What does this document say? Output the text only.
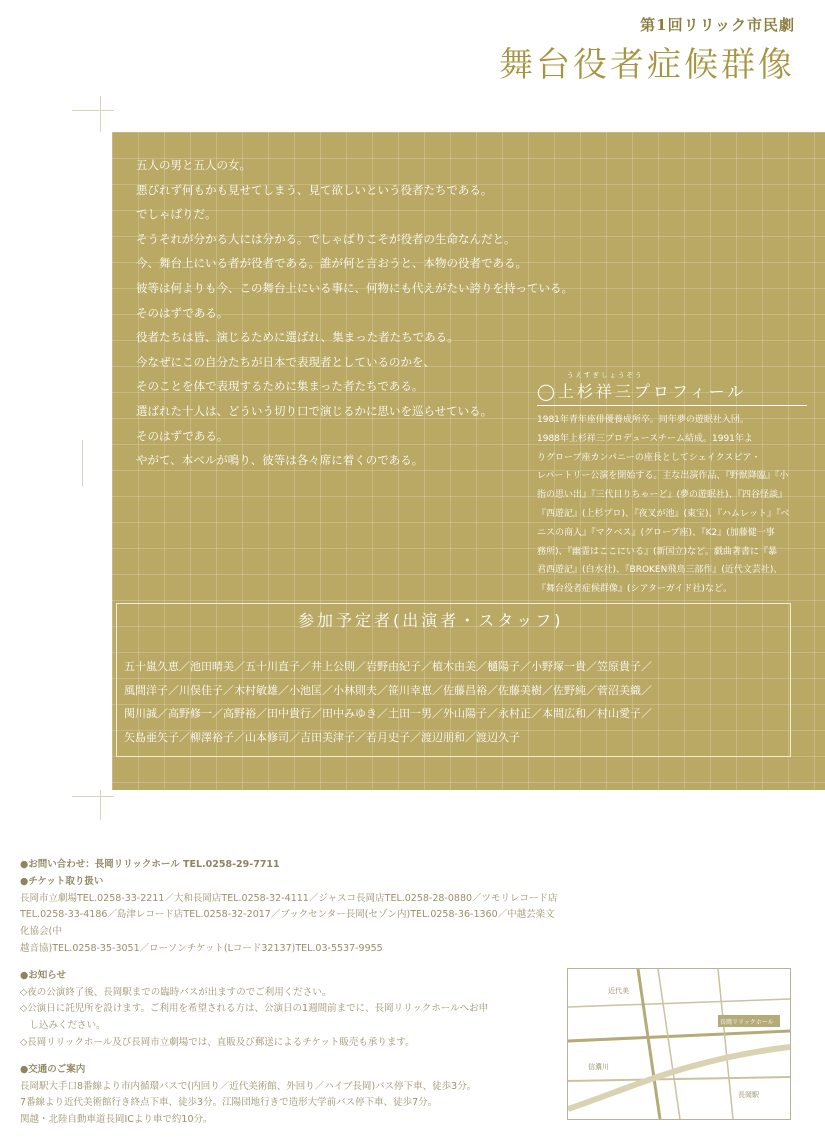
第1回リリック市民劇
舞台役者症候群像
五人の男と五人の女。
悪びれず何もかも見せてしまう、見て欲しいという役者たちである。
でしゃばりだ。
そうそれが分かる人には分かる。でしゃばりこそが役者の生命なんだと。
今、舞台上にいる者が役者である。誰が何と言おうと、本物の役者である。
彼等は何よりも今、この舞台上にいる事に、何物にも代えがたい誇りを持っている。
そのはずである。
役者たちは皆、演じるために選ばれ、集まった者たちである。
今なぜにこの自分たちが日本で表現者としているのかを、
そのことを体で表現するために集まった者たちである。
選ばれた十人は、どういう切り口で演じるかに思いを巡らせている。
そのはずである。
やがて、本ベルが鳴り、彼等は各々席に着くのである。
うえすぎしょうぞう
◯上杉祥三プロフィール
1981年青年座俳優養成所卒。同年夢の遊眠社入団。
1988年上杉祥三プロデュースチーム結成。1991年よ
りグローブ座カンパニーの座長としてシェイクスピア・
レパートリー公演を開始する。主な出演作品、『野獣降臨』『小
指の思い出』『三代目りちゃーど』(夢の遊眠社)、『四谷怪談』
『西遊記』(上杉プロ)、『夜叉が池』(東宝)、『ハムレット』『ベ
ニスの商人』『マクベス』(グローブ座)、『K2』(加藤健一事
務所)、『幽霊はここにいる』(新国立)など。戯曲著書に『暴
君西遊記』(白水社)、『BROKEN飛鳥三部作』(近代文芸社)、
『舞台役者症候群像』(シアターガイド社)など。
参加予定者(出演者・スタッフ)
五十嵐久恵／池田晴美／五十川直子／井上公則／岩野由紀子／植木由美／樋陽子／小野塚一貴／笠原貴子／
風間洋子／川俣佳子／木村敏雄／小池匡／小林則夫／笹川幸恵／佐藤昌裕／佐藤美樹／佐野純／菅沼美織／
関川誠／高野修一／高野裕／田中貴行／田中みゆき／土田一男／外山陽子／永村正／本間広和／村山愛子／
矢島亜矢子／柳澤裕子／山本修司／吉田美津子／若月史子／渡辺朋和／渡辺久子
●お問い合わせ：長岡リリックホール TEL.0258-29-7711
●チケット取り扱い
長岡市立劇場TEL.0258-33-2211／大和長岡店TEL.0258-32-4111／ジャスコ長岡店TEL.0258-28-0880／ツモリレコード店
TEL.0258-33-4186／島津レコード店TEL.0258-32-2017／ブックセンター長岡(セゾン内)TEL.0258-36-1360／中越芸楽文化協会(中
越音協)TEL.0258-35-3051／ローソンチケット(Lコード32137)TEL.03-5537-9955
●お知らせ
◇夜の公演終了後、長岡駅までの臨時バスが出ますのでご利用ください。
◇公演日に託児所を設けます。ご利用を希望される方は、公演日の1週間前までに、長岡リリックホールへお申
　し込みください。
◇長岡リリックホール及び長岡市立劇場では、直販及び郵送によるチケット販売も承ります。
●交通のご案内
長岡駅大手口8番線より市内循環バスで(内回り／近代美術館、外回り／ハイブ長岡)バス停下車、徒歩3分。
7番線より近代美術館行き終点下車、徒歩3分。江陽団地行きで造形大学前バス停下車、徒歩7分。
関越・北陸自動車道長岡ICより車で約10分。
近代美
長岡リリックホール
信濃川
長岡駅
